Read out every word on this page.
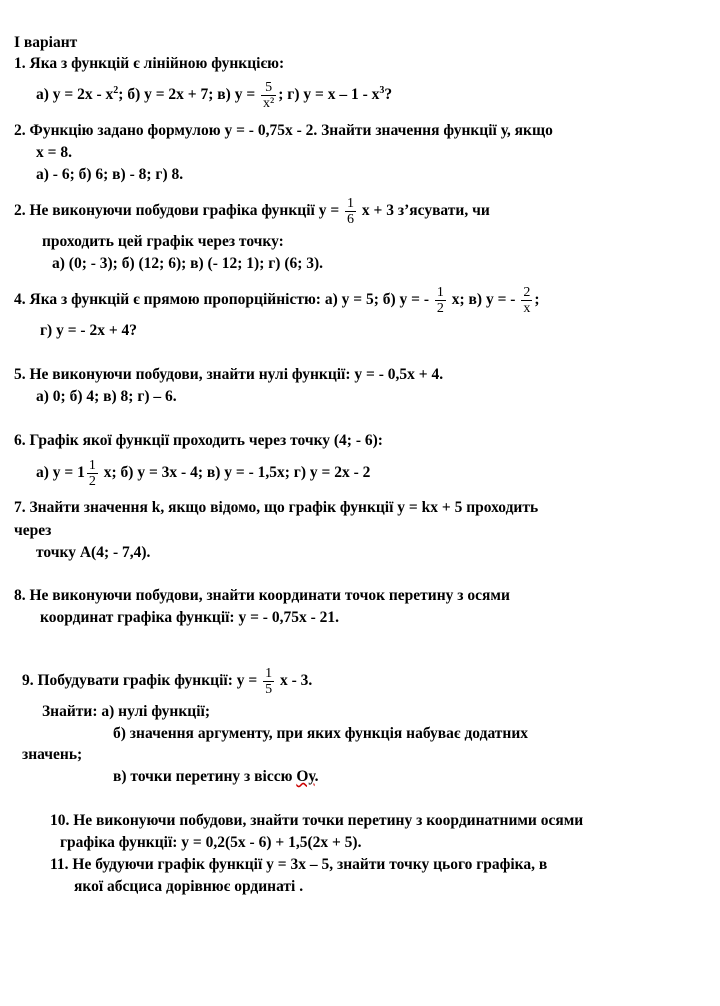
І варіант
1. Яка з функцій є лінійною функцією:
а) $у = 2х - х^2$; б) у = 2х + 7; в) $у = \frac{5}{\text{x²}}$ ; г) $у = х - 1 - х^3$?
2. Функцію задано формулою у = - 0,75х - 2. Знайти значення функції у, якщо
х = 8.
а) - 6; б) 6; в) - 8; г) 8.
2. Не виконуючи побудови графіка функції $у = \frac{1}{6}$ х + 3 з’ясувати, чи
проходить цей графік через точку:
а) (0; - 3); б) (12; 6); в) (- 12; 1); г) (6; 3).
4. Яка з функцій є прямою пропорційністю: а) у = 5; б) у = - $\frac{1}{2} х$; в) у = - $\frac{2}{x}$ ;
г) у = - 2х + 4?
5. Не виконуючи побудови, знайти нулі функції: у = - 0,5х + 4.
а) 0; б) 4; в) 8; г) – 6.
6. Графік якої функції проходить через точку (4; - 6):
а) $у = 1 \frac{1}{2} х$; б) у = 3х - 4; в) у = - 1,5х; г) у = 2х - 2
7. Знайти значення k, якщо відомо, що графік функції у = kх + 5 проходить
через
точку А(4; - 7,4).
8. Не виконуючи побудови, знайти координати точок перетину з осями
координат графіка функції: у = - 0,75х - 21.
9. Побудувати графік функції: $у = \frac{1}{5}$ х - 3.
Знайти: а) нулі функції;
б) значення аргументу, при яких функція набуває додатних
значень;
в) точки перетину з віссю Оу.
10. Не виконуючи побудови, знайти точки перетину з координатними осями
графіка функції: у = 0,2(5х - 6) + 1,5(2х + 5).
11. Не будуючи графік функції у = 3х – 5, знайти точку цього графіка, в
якої абсциса дорівнює ординаті .
